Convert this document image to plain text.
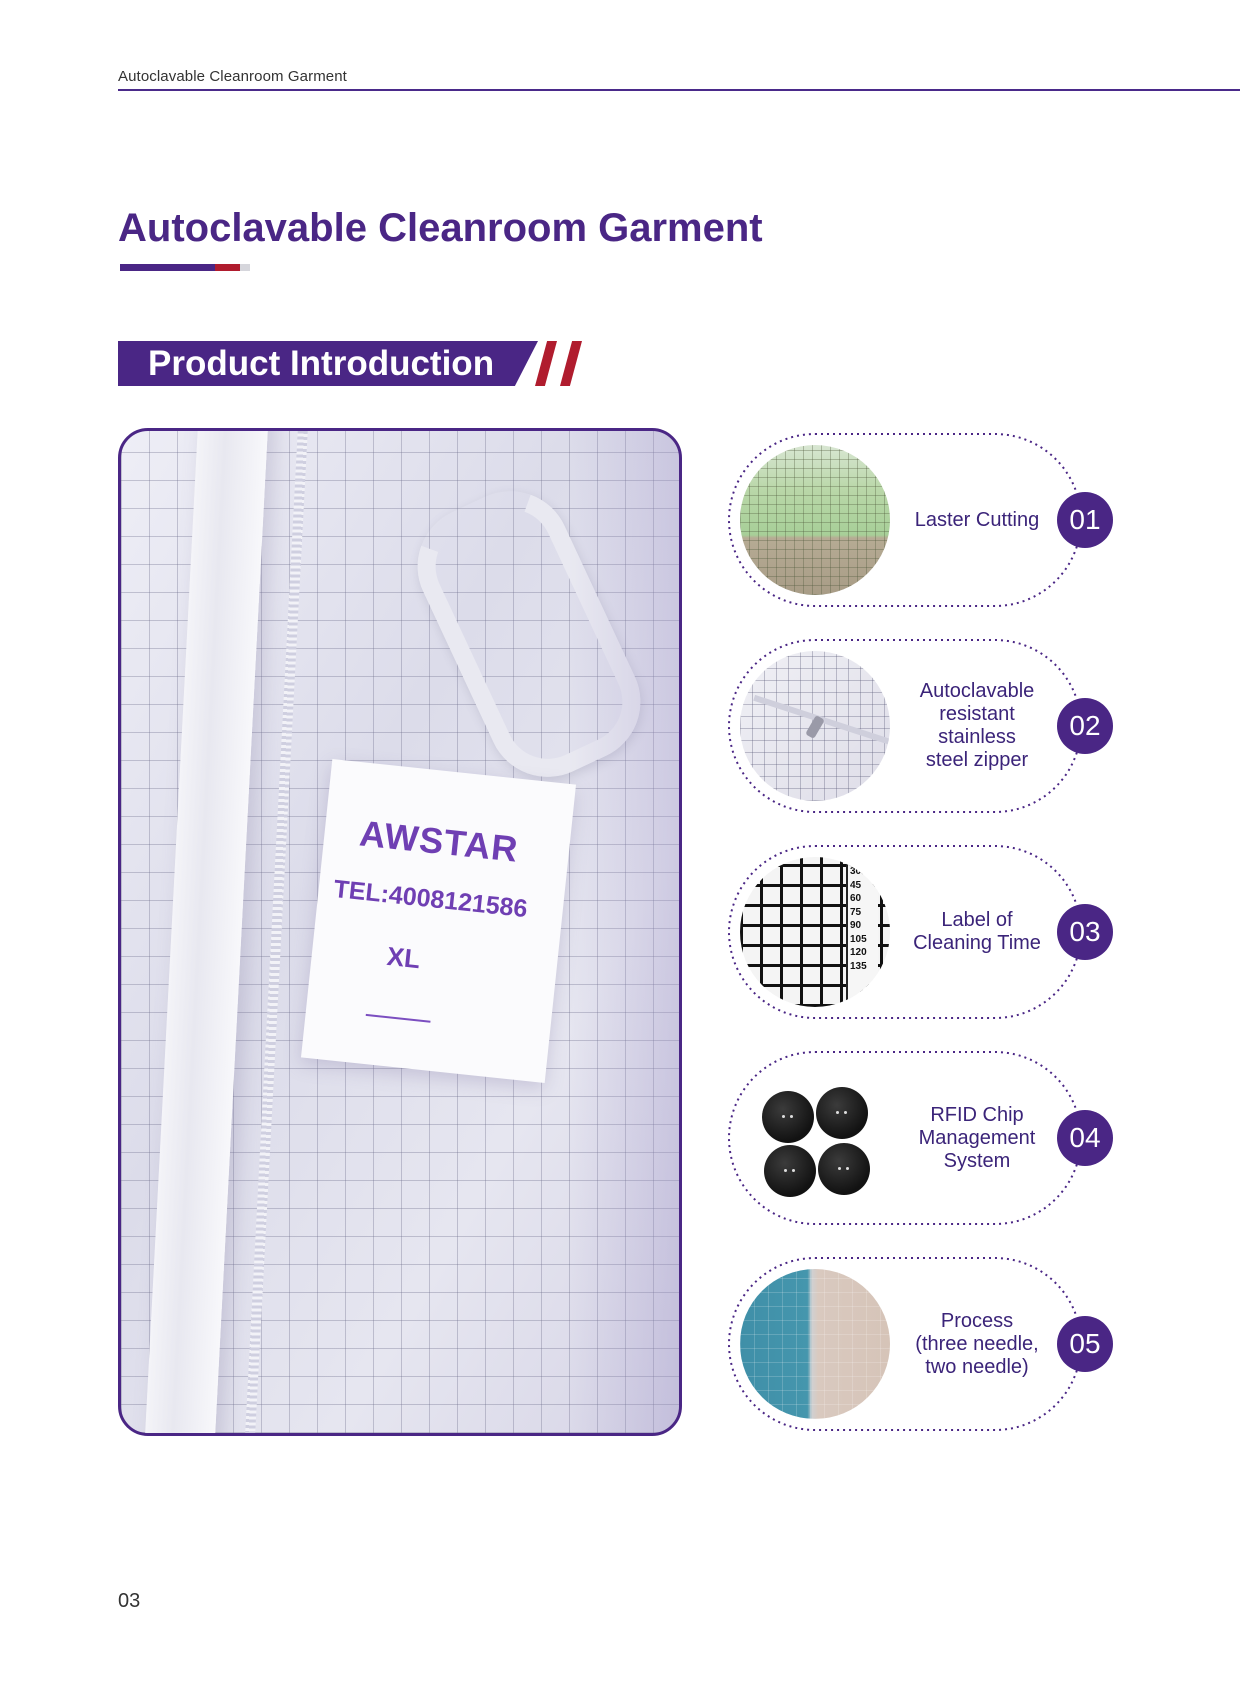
Autoclavable Cleanroom Garment
Autoclavable Cleanroom Garment
Product Introduction
AWSTAR
TEL:4008121586
XL
Laster Cutting	01
Autoclavable
resistant
stainless
steel zipper
02
30
45
60
75
90
105
120
135
Label of
Cleaning Time	03
RFID Chip
Management
System
04
Process
(three needle,
two needle)
05
03
